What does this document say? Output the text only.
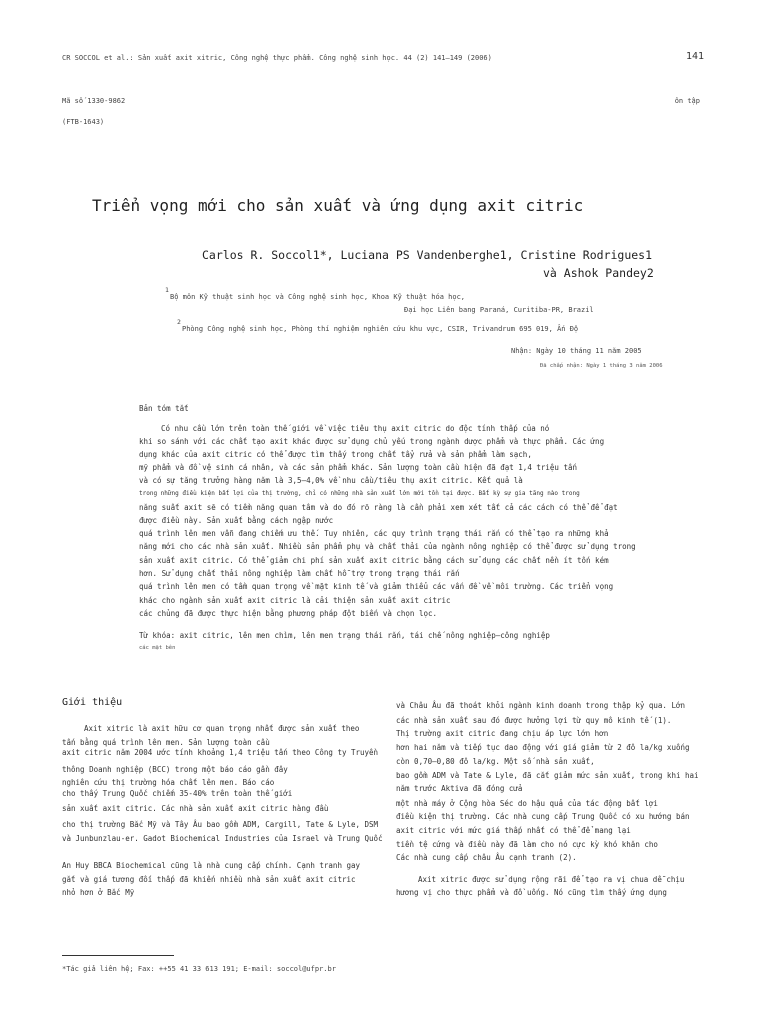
CR SOCCOL et al.: Sản xuất axit xitric, Công nghệ thực phẩm. Công nghệ sinh học. 44 (2) 141–149 (2006)	141
Mã số 1330-9862	ôn tập
(FTB-1643)
Triển vọng mới cho sản xuất và ứng dụng axit citric
Carlos R. Soccol1*, Luciana PS Vandenberghe1, Cristine Rodrigues1
và Ashok Pandey2
1
Bộ môn Kỹ thuật sinh học và Công nghệ sinh học, Khoa Kỹ thuật hóa học,
Đại học Liên bang Paraná, Curitiba-PR, Brazil
2
Phòng Công nghệ sinh học, Phòng thí nghiệm nghiên cứu khu vực, CSIR, Trivandrum 695 019, Ấn Độ
Nhận: Ngày 10 tháng 11 năm 2005
Đã chấp nhận: Ngày 1 tháng 3 năm 2006
Bản tóm tắt
Có nhu cầu lớn trên toàn thế giới về việc tiêu thụ axit citric do độc tính thấp của nó
khi so sánh với các chất tạo axit khác được sử dụng chủ yếu trong ngành dược phẩm và thực phẩm. Các ứng
dụng khác của axit citric có thể được tìm thấy trong chất tẩy rửa và sản phẩm làm sạch,
mỹ phẩm và đồ vệ sinh cá nhân, và các sản phẩm khác. Sản lượng toàn cầu hiện đã đạt 1,4 triệu tấn
và có sự tăng trưởng hàng năm là 3,5–4,0% về nhu cầu/tiêu thụ axit citric. Kết quả là
trong những điều kiện bất lợi của thị trường, chỉ có những nhà sản xuất lớn mới tồn tại được. Bất kỳ sự gia tăng nào trong
năng suất axit sẽ có tiềm năng quan tâm và do đó rõ ràng là cần phải xem xét tất cả các cách có thể để đạt
được điều này. Sản xuất bằng cách ngập nước
quá trình lên men vẫn đang chiếm ưu thế. Tuy nhiên, các quy trình trạng thái rắn có thể tạo ra những khả
năng mới cho các nhà sản xuất. Nhiều sản phẩm phụ và chất thải của ngành nông nghiệp có thể được sử dụng trong
sản xuất axit citric. Có thể giảm chi phí sản xuất axit citric bằng cách sử dụng các chất nền ít tốn kém
hơn. Sử dụng chất thải nông nghiệp làm chất hỗ trợ trong trạng thái rắn
quá trình lên men có tầm quan trọng về mặt kinh tế và giảm thiểu các vấn đề về môi trường. Các triển vọng
khác cho ngành sản xuất axit citric là cải thiện sản xuất axit citric
các chủng đã được thực hiện bằng phương pháp đột biến và chọn lọc.
Từ khóa: axit citric, lên men chìm, lên men trạng thái rắn, tái chế nông nghiệp–công nghiệp
các mặt bên
Giới thiệu
Axit xitric là axit hữu cơ quan trọng nhất được sản xuất theo
tấn bằng quá trình lên men. Sản lượng toàn cầu
axit citric năm 2004 ước tính khoảng 1,4 triệu tấn theo Công ty Truyền
thông Doanh nghiệp (BCC) trong một báo cáo gần đây
nghiên cứu thị trường hóa chất lên men. Báo cáo
cho thấy Trung Quốc chiếm 35-40% trên toàn thế giới
sản xuất axit citric. Các nhà sản xuất axit citric hàng đầu
cho thị trường Bắc Mỹ và Tây Âu bao gồm ADM, Cargill, Tate & Lyle, DSM
và Junbunzlau-er. Gadot Biochemical Industries của Israel và Trung Quốc
An Huy BBCA Biochemical cũng là nhà cung cấp chính. Cạnh tranh gay
gắt và giá tương đối thấp đã khiến nhiều nhà sản xuất axit citric
nhỏ hơn ở Bắc Mỹ
và Châu Âu đã thoát khỏi ngành kinh doanh trong thập kỷ qua. Lớn
các nhà sản xuất sau đó được hưởng lợi từ quy mô kinh tế (1).
Thị trường axit citric đang chịu áp lực lớn hơn
hơn hai năm và tiếp tục dao động với giá giảm từ 2 đô la/kg xuống
còn 0,70–0,80 đô la/kg. Một số nhà sản xuất,
bao gồm ADM và Tate & Lyle, đã cắt giảm mức sản xuất, trong khi hai
năm trước Aktiva đã đóng cửa
một nhà máy ở Cộng hòa Séc do hậu quả của tác động bất lợi
điều kiện thị trường. Các nhà cung cấp Trung Quốc có xu hướng bán
axit citric với mức giá thấp nhất có thể để mang lại
tiền tệ cứng và điều này đã làm cho nó cực kỳ khó khăn cho
Các nhà cung cấp châu Âu cạnh tranh (2).
Axit xitric được sử dụng rộng rãi để tạo ra vị chua dễ chịu
hương vị cho thực phẩm và đồ uống. Nó cũng tìm thấy ứng dụng
*Tác giả liên hệ; Fax: ++55 41 33 613 191; E-mail: soccol@ufpr.br
